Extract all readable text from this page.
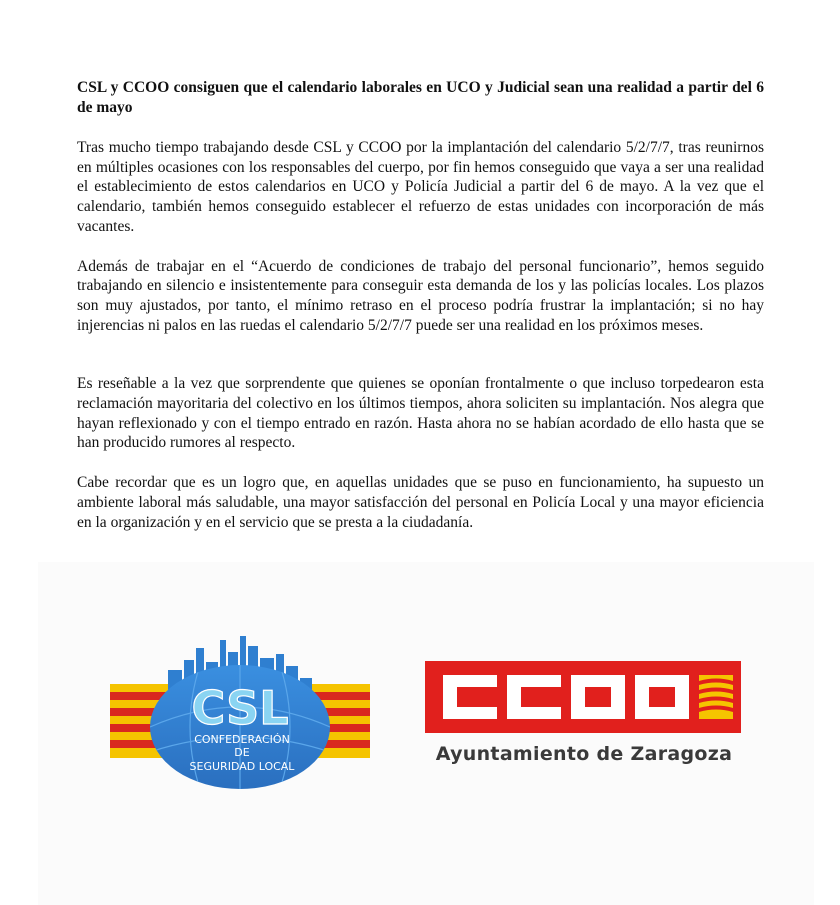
CSL y CCOO consiguen que el calendario laborales en UCO y Judicial sean una realidad a partir del 6 de mayo

Tras mucho tiempo trabajando desde CSL y CCOO por la implantación del calendario 5/2/7/7, tras reunirnos en múltiples ocasiones con los responsables del cuerpo, por fin hemos conseguido que vaya a ser una realidad el establecimiento de estos calendarios en UCO y Policía Judicial a partir del 6 de mayo. A la vez que el calendario, también hemos conseguido establecer el refuerzo de estas unidades con incorporación de más vacantes.

Además de trabajar en el “Acuerdo de condiciones de trabajo del personal funcionario”, hemos seguido trabajando en silencio e insistentemente para conseguir esta demanda de los y las policías locales. Los plazos son muy ajustados, por tanto, el mínimo retraso en el proceso podría frustrar la implantación; si no hay injerencias ni palos en las ruedas el calendario 5/2/7/7 puede ser una realidad en los próximos meses.

Es reseñable a la vez que sorprendente que quienes se oponían frontalmente o que incluso torpedearon esta reclamación mayoritaria del colectivo en los últimos tiempos, ahora soliciten su implantación. Nos alegra que hayan reflexionado y con el tiempo entrado en razón. Hasta ahora no se habían acordado de ello hasta que se han producido rumores al respecto.

Cabe recordar que es un logro que, en aquellas unidades que se puso en funcionamiento, ha supuesto un ambiente laboral más saludable, una mayor satisfacción del personal en Policía Local y una mayor eficiencia en la organización y en el servicio que se presta a la ciudadanía.

CSL
CONFEDERACIÓN
DE
SEGURIDAD LOCAL
Ayuntamiento de Zaragoza
